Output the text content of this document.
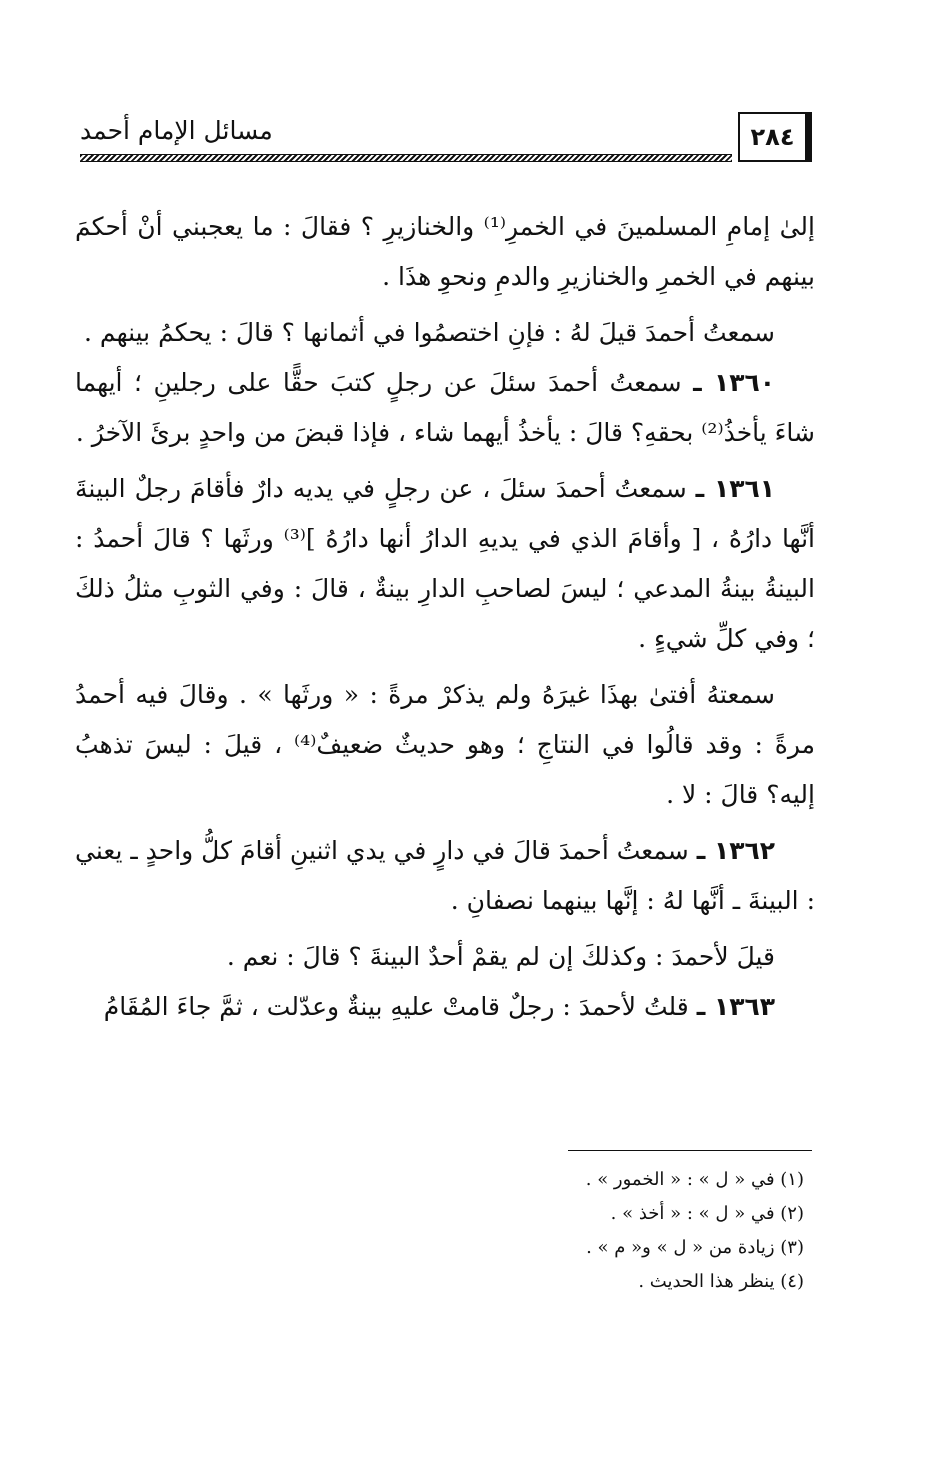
٢٨٤
مسائل الإمام أحمد

إلىٰ إمامِ المسلمينَ في الخمرِ⁽¹⁾ والخنازيرِ ؟ فقالَ : ما يعجبني أنْ أحكمَ بينهم في الخمرِ والخنازيرِ والدمِ ونحوِ هذَا .

سمعتُ أحمدَ قيلَ لهُ : فإنِ اختصمُوا في أثمانها ؟ قالَ : يحكمُ بينهم .

١٣٦٠ ـ سمعتُ أحمدَ سئلَ عن رجلٍ كتبَ حقًّا على رجلينِ ؛ أيهما شاءَ يأخذُ⁽²⁾ بحقهِ؟ قالَ : يأخذُ أيهما شاء ، فإذا قبضَ من واحدٍ برئَ الآخرُ .

١٣٦١ ـ سمعتُ أحمدَ سئلَ ، عن رجلٍ في يديه دارٌ فأقامَ رجلٌ البينةَ أنَّها دارُهُ ، [ وأقامَ الذي في يديهِ الدارُ أنها دارُهُ ]⁽³⁾ ورثَها ؟ قالَ أحمدُ : البينةُ بينةُ المدعي ؛ ليسَ لصاحبِ الدارِ بينةٌ ، قالَ : وفي الثوبِ مثلُ ذلكَ ؛ وفي كلِّ شيءٍ .

سمعتهُ أفتىٰ بهذَا غيرَهُ ولم يذكرْ مرةً : « ورثَها » . وقالَ فيه أحمدُ مرةً : وقد قالُوا في النتاجِ ؛ وهو حديثٌ ضعيفٌ⁽⁴⁾ ، قيلَ : ليسَ تذهبُ إليه؟ قالَ : لا .

١٣٦٢ ـ سمعتُ أحمدَ قالَ في دارٍ في يدي اثنينِ أقامَ كلُّ واحدٍ ـ يعني : البينةَ ـ أنَّها لهُ : إنَّها بينهما نصفانِ .

قيلَ لأحمدَ : وكذلكَ إن لم يقمْ أحدٌ البينةَ ؟ قالَ : نعم .

١٣٦٣ ـ قلتُ لأحمدَ : رجلٌ قامتْ عليهِ بينةٌ وعدّلت ، ثمَّ جاءَ المُقَامُ

(١) في « ل » : « الخمور » .

(٢) في « ل » : « أخذ » .

(٣) زيادة من « ل » و« م » .

(٤) ينظر هذا الحديث .
